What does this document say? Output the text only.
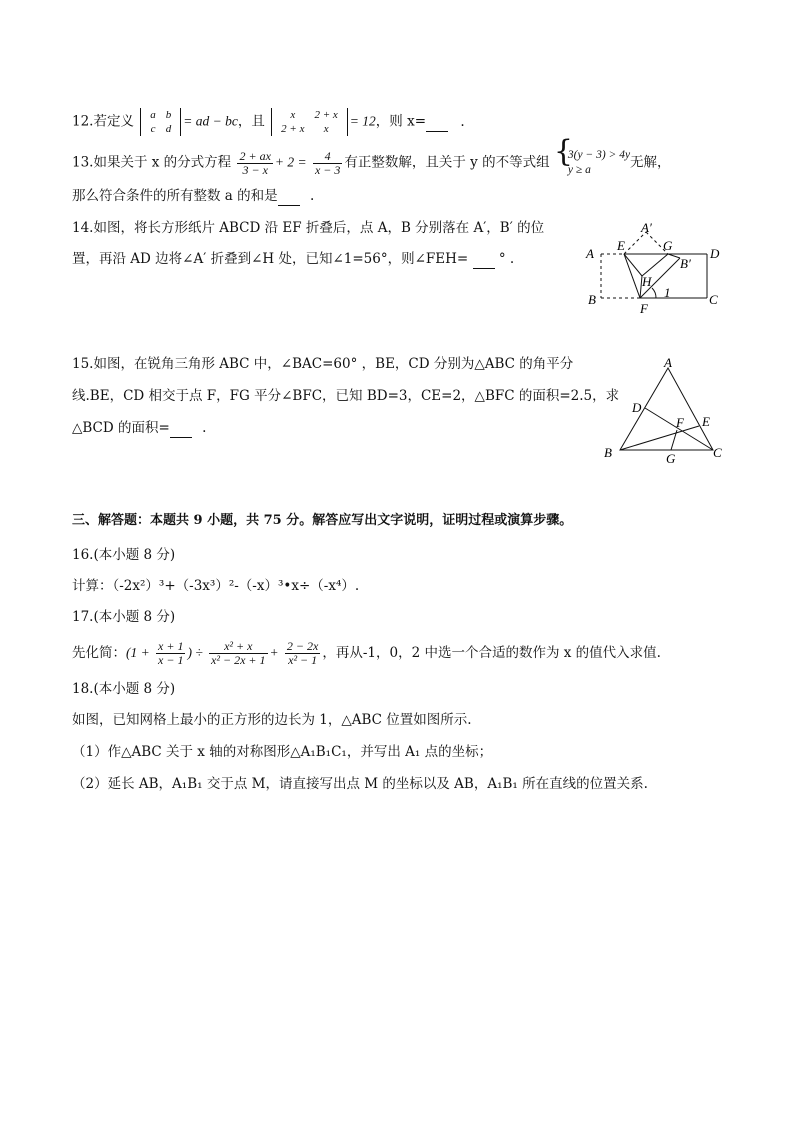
12.若定义 a	b
c	d
= ad − bc，且 x	2 + x
2 + x	x
= 12，则 x=	.
13.如果关于 x 的分式方程 $\frac{2 + ax}{3 - x} + 2 = \frac{4}{x - 3}$ 有正整数解，且关于 y 的不等式组 {
3(y − 3) > 4y
y ≥ a	无解，
那么符合条件的所有整数 a 的和是 .
14.如图，将长方形纸片 ABCD 沿 EF 折叠后，点 A，B 分别落在 A′，B′ 的位
置，再沿 AD 边将∠A′ 折叠到∠H 处，已知∠1=56°，则∠FEH= ° .	A
A′
E	G
D
B′
H
1
B
F
C
15.如图，在锐角三角形 ABC 中，∠BAC=60° ，BE，CD 分别为△ABC 的角平分
线.BE，CD 相交于点 F，FG 平分∠BFC，已知 BD=3，CE=2，△BFC 的面积=2.5，求
△BCD 的面积= .
A
D
F E
B	G	C
三、解答题：本题共 9 小题，共 75 分。解答应写出文字说明，证明过程或演算步骤。
16.(本小题 8 分)
计算：（-2x²）³+（-3x³）²-（-x）³•x÷（-x⁴）.
17.(本小题 8 分)
先化简：($1 + \frac{x + 1}{x - 1}$ ) ÷ $\frac{\text{x² + x}}{\text{x² − 2x + 1}} + \frac{2 - 2x}{\text{x² − 1}}$ ，再从-1，0，2 中选一个合适的数作为 x 的值代入求值.
18.(本小题 8 分)
如图，已知网格上最小的正方形的边长为 1，△ABC 位置如图所示.
（1）作△ABC 关于 x 轴的对称图形△A₁B₁C₁，并写出 A₁ 点的坐标；
（2）延长 AB，A₁B₁ 交于点 M，请直接写出点 M 的坐标以及 AB，A₁B₁ 所在直线的位置关系.
